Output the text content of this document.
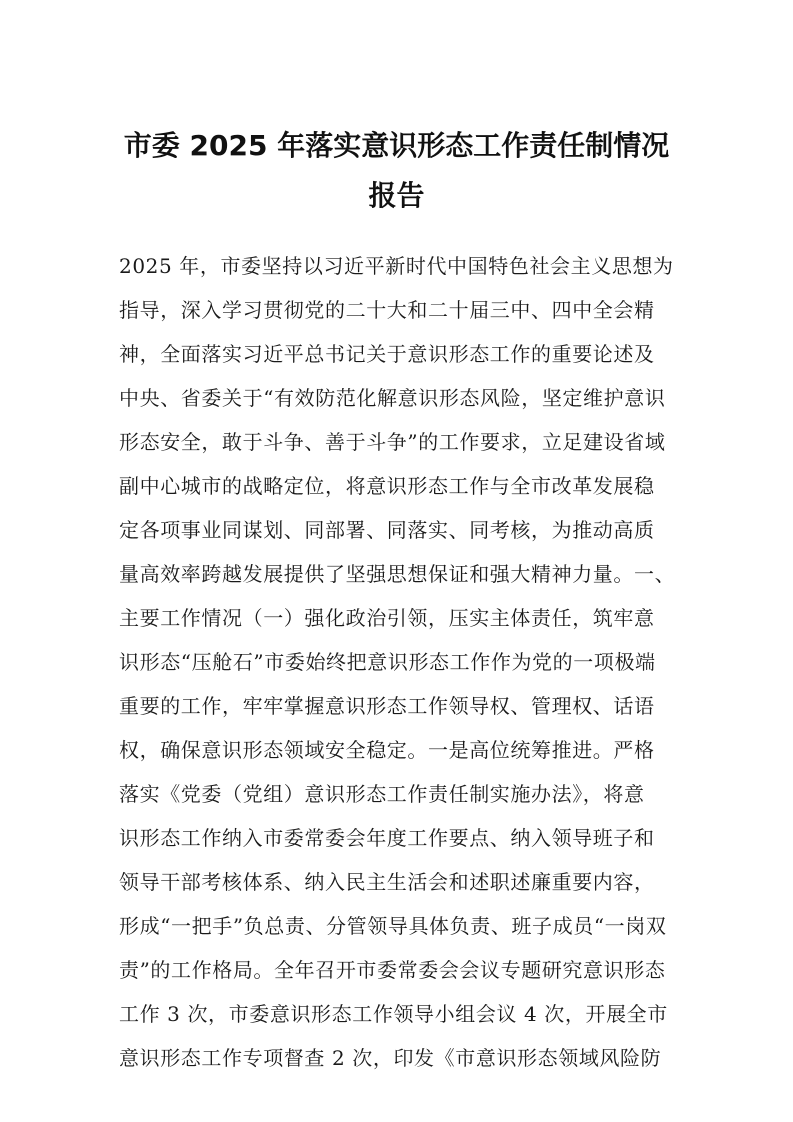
市委 2025 年落实意识形态工作责任制情况
报告
2025 年，市委坚持以习近平新时代中国特色社会主义思想为
指导，深入学习贯彻党的二十大和二十届三中、四中全会精
神，全面落实习近平总书记关于意识形态工作的重要论述及
中央、省委关于“有效防范化解意识形态风险，坚定维护意识
形态安全，敢于斗争、善于斗争”的工作要求，立足建设省域
副中心城市的战略定位，将意识形态工作与全市改革发展稳
定各项事业同谋划、同部署、同落实、同考核，为推动高质
量高效率跨越发展提供了坚强思想保证和强大精神力量。一、
主要工作情况（一）强化政治引领，压实主体责任，筑牢意
识形态“压舱石”市委始终把意识形态工作作为党的一项极端
重要的工作，牢牢掌握意识形态工作领导权、管理权、话语
权，确保意识形态领域安全稳定。一是高位统筹推进。严格
落实《党委（党组）意识形态工作责任制实施办法》，将意
识形态工作纳入市委常委会年度工作要点、纳入领导班子和
领导干部考核体系、纳入民主生活会和述职述廉重要内容，
形成“一把手”负总责、分管领导具体负责、班子成员“一岗双
责”的工作格局。全年召开市委常委会会议专题研究意识形态
工作 3 次，市委意识形态工作领导小组会议 4 次，开展全市
意识形态工作专项督查 2 次，印发《市意识形态领域风险防
